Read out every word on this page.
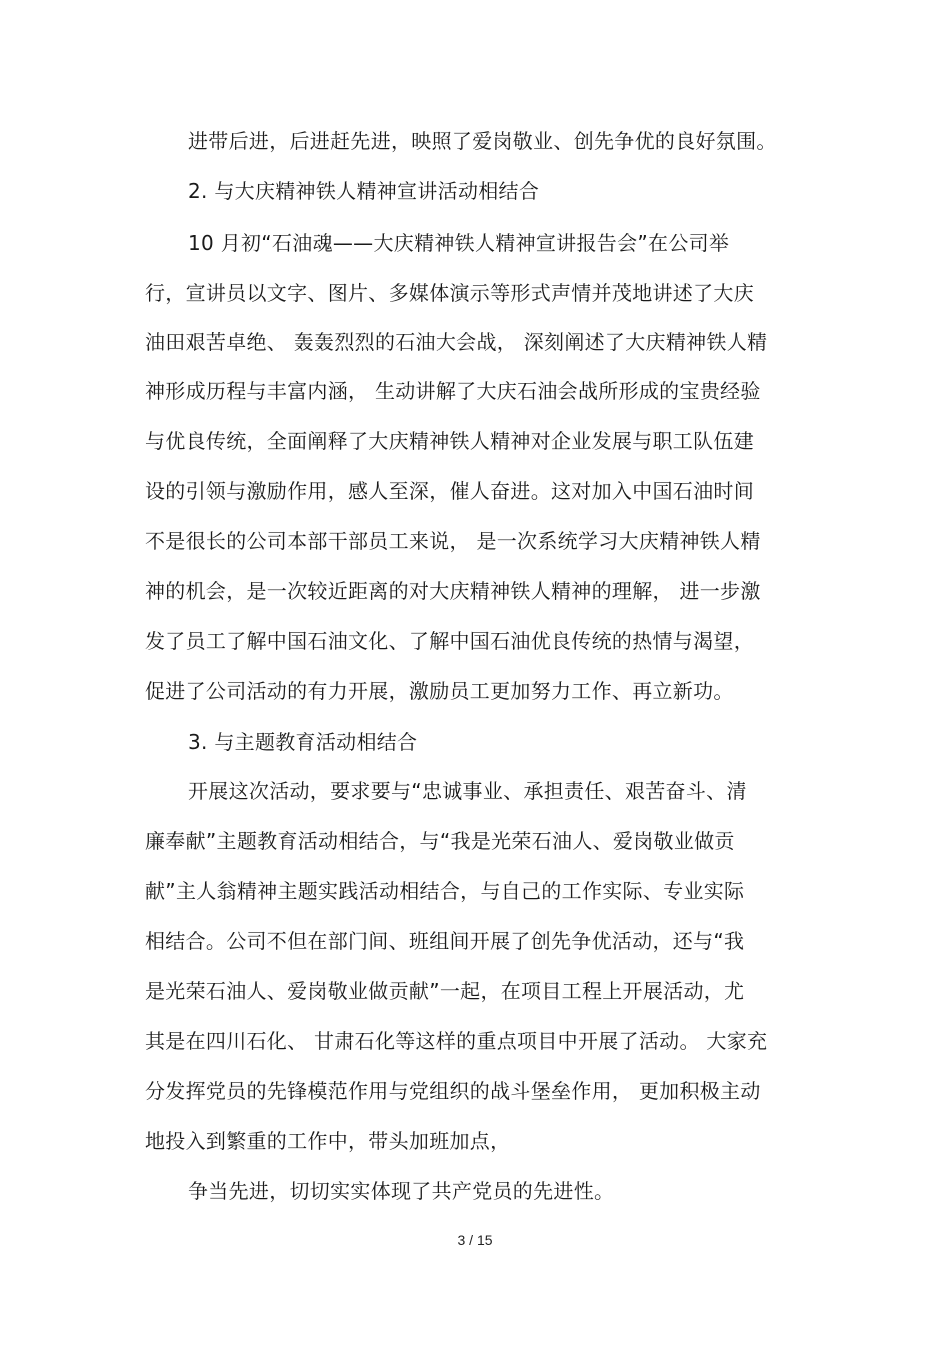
进带后进，后进赶先进，映照了爱岗敬业、创先争优的良好氛围。
2. 与大庆精神铁人精神宣讲活动相结合
10 月初“石油魂——大庆精神铁人精神宣讲报告会”在公司举
行，宣讲员以文字、图片、多媒体演示等形式声情并茂地讲述了大庆
油田艰苦卓绝、 轰轰烈烈的石油大会战， 深刻阐述了大庆精神铁人精
神形成历程与丰富内涵， 生动讲解了大庆石油会战所形成的宝贵经验
与优良传统，全面阐释了大庆精神铁人精神对企业发展与职工队伍建
设的引领与激励作用，感人至深，催人奋进。这对加入中国石油时间
不是很长的公司本部干部员工来说， 是一次系统学习大庆精神铁人精
神的机会，是一次较近距离的对大庆精神铁人精神的理解， 进一步激
发了员工了解中国石油文化、了解中国石油优良传统的热情与渴望，
促进了公司活动的有力开展，激励员工更加努力工作、再立新功。
3. 与主题教育活动相结合
开展这次活动，要求要与“忠诚事业、承担责任、艰苦奋斗、清
廉奉献”主题教育活动相结合，与“我是光荣石油人、爱岗敬业做贡
献”主人翁精神主题实践活动相结合，与自己的工作实际、专业实际
相结合。公司不但在部门间、班组间开展了创先争优活动，还与“我
是光荣石油人、爱岗敬业做贡献”一起，在项目工程上开展活动，尤
其是在四川石化、 甘肃石化等这样的重点项目中开展了活动。 大家充
分发挥党员的先锋模范作用与党组织的战斗堡垒作用， 更加积极主动
地投入到繁重的工作中，带头加班加点，
争当先进，切切实实体现了共产党员的先进性。
3 / 15
